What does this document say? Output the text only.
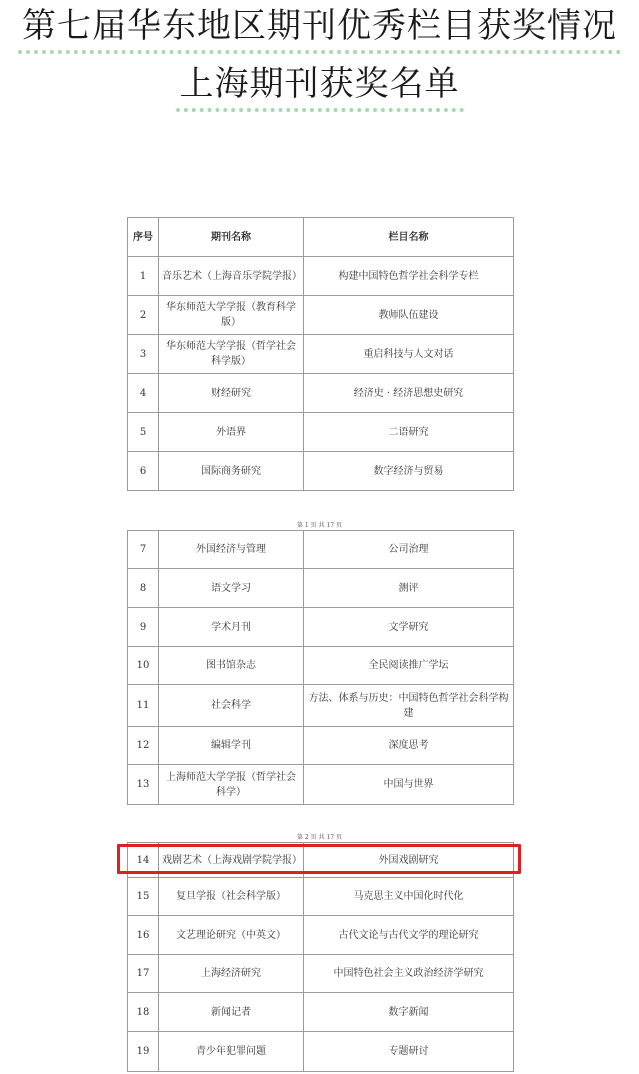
第七届华东地区期刊优秀栏目获奖情况
上海期刊获奖名单
序号	期刊名称	栏目名称
1	音乐艺术（上海音乐学院学报）	构建中国特色哲学社会科学专栏
2	华东师范大学学报（教育科学版）	教师队伍建设
3	华东师范大学学报（哲学社会科学版）	重启科技与人文对话
4	财经研究	经济史 · 经济思想史研究
5	外语界	二语研究
6	国际商务研究	数字经济与贸易
第 1 页 共 17 页
7	外国经济与管理	公司治理
8	语文学习	测评
9	学术月刊	文学研究
10	图书馆杂志	全民阅读推广学坛
11	社会科学	方法、体系与历史：中国特色哲学社会科学构建
12	编辑学刊	深度思考
13	上海师范大学学报（哲学社会科学）	中国与世界
第 2 页 共 17 页
14	戏剧艺术（上海戏剧学院学报）	外国戏剧研究
15	复旦学报（社会科学版）	马克思主义中国化时代化
16	文艺理论研究（中英文）	古代文论与古代文学的理论研究
17	上海经济研究	中国特色社会主义政治经济学研究
18	新闻记者	数字新闻
19	青少年犯罪问题	专题研讨
